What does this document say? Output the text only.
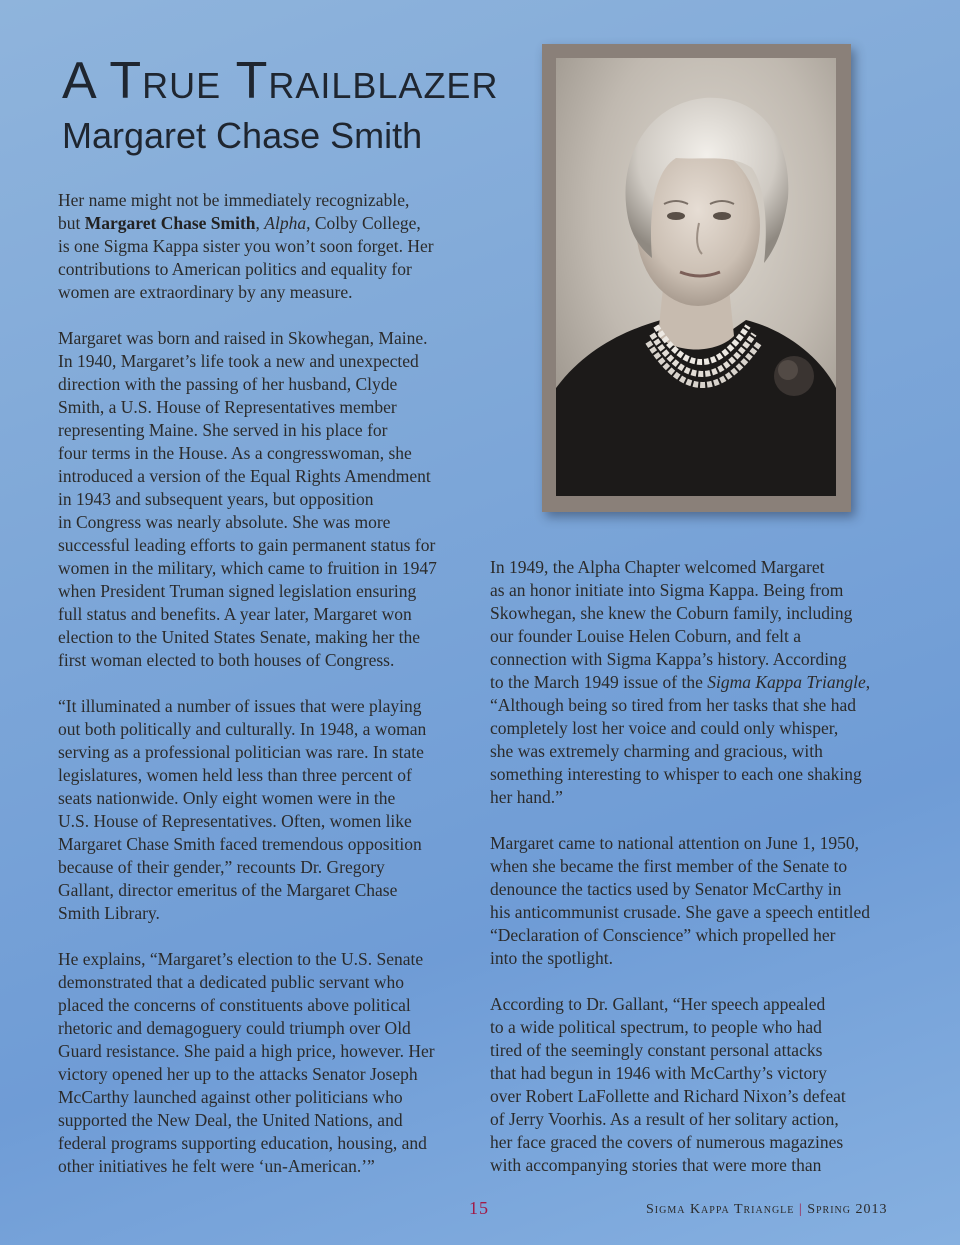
A True Trailblazer
Margaret Chase Smith

Her name might not be immediately recognizable,
but Margaret Chase Smith, Alpha, Colby College,
is one Sigma Kappa sister you won’t soon forget. Her
contributions to American politics and equality for
women are extraordinary by any measure.

Margaret was born and raised in Skowhegan, Maine.
In 1940, Margaret’s life took a new and unexpected
direction with the passing of her husband, Clyde
Smith, a U.S. House of Representatives member
representing Maine. She served in his place for
four terms in the House. As a congresswoman, she
introduced a version of the Equal Rights Amendment
in 1943 and subsequent years, but opposition
in Congress was nearly absolute. She was more
successful leading efforts to gain permanent status for
women in the military, which came to fruition in 1947
when President Truman signed legislation ensuring
full status and benefits. A year later, Margaret won
election to the United States Senate, making her the
first woman elected to both houses of Congress.

“It illuminated a number of issues that were playing
out both politically and culturally. In 1948, a woman
serving as a professional politician was rare. In state
legislatures, women held less than three percent of
seats nationwide. Only eight women were in the
U.S. House of Representatives. Often, women like
Margaret Chase Smith faced tremendous opposition
because of their gender,” recounts Dr. Gregory
Gallant, director emeritus of the Margaret Chase
Smith Library.

He explains, “Margaret’s election to the U.S. Senate
demonstrated that a dedicated public servant who
placed the concerns of constituents above political
rhetoric and demagoguery could triumph over Old
Guard resistance. She paid a high price, however. Her
victory opened her up to the attacks Senator Joseph
McCarthy launched against other politicians who
supported the New Deal, the United Nations, and
federal programs supporting education, housing, and
other initiatives he felt were ‘un-American.’”

In 1949, the Alpha Chapter welcomed Margaret
as an honor initiate into Sigma Kappa. Being from
Skowhegan, she knew the Coburn family, including
our founder Louise Helen Coburn, and felt a
connection with Sigma Kappa’s history. According
to the March 1949 issue of the Sigma Kappa Triangle,
“Although being so tired from her tasks that she had
completely lost her voice and could only whisper,
she was extremely charming and gracious, with
something interesting to whisper to each one shaking
her hand.”

Margaret came to national attention on June 1, 1950,
when she became the first member of the Senate to
denounce the tactics used by Senator McCarthy in
his anticommunist crusade. She gave a speech entitled
“Declaration of Conscience” which propelled her
into the spotlight.

According to Dr. Gallant, “Her speech appealed
to a wide political spectrum, to people who had
tired of the seemingly constant personal attacks
that had begun in 1946 with McCarthy’s victory
over Robert LaFollette and Richard Nixon’s defeat
of Jerry Voorhis. As a result of her solitary action,
her face graced the covers of numerous magazines
with accompanying stories that were more than

15	Sigma Kappa Triangle | Spring 2013
